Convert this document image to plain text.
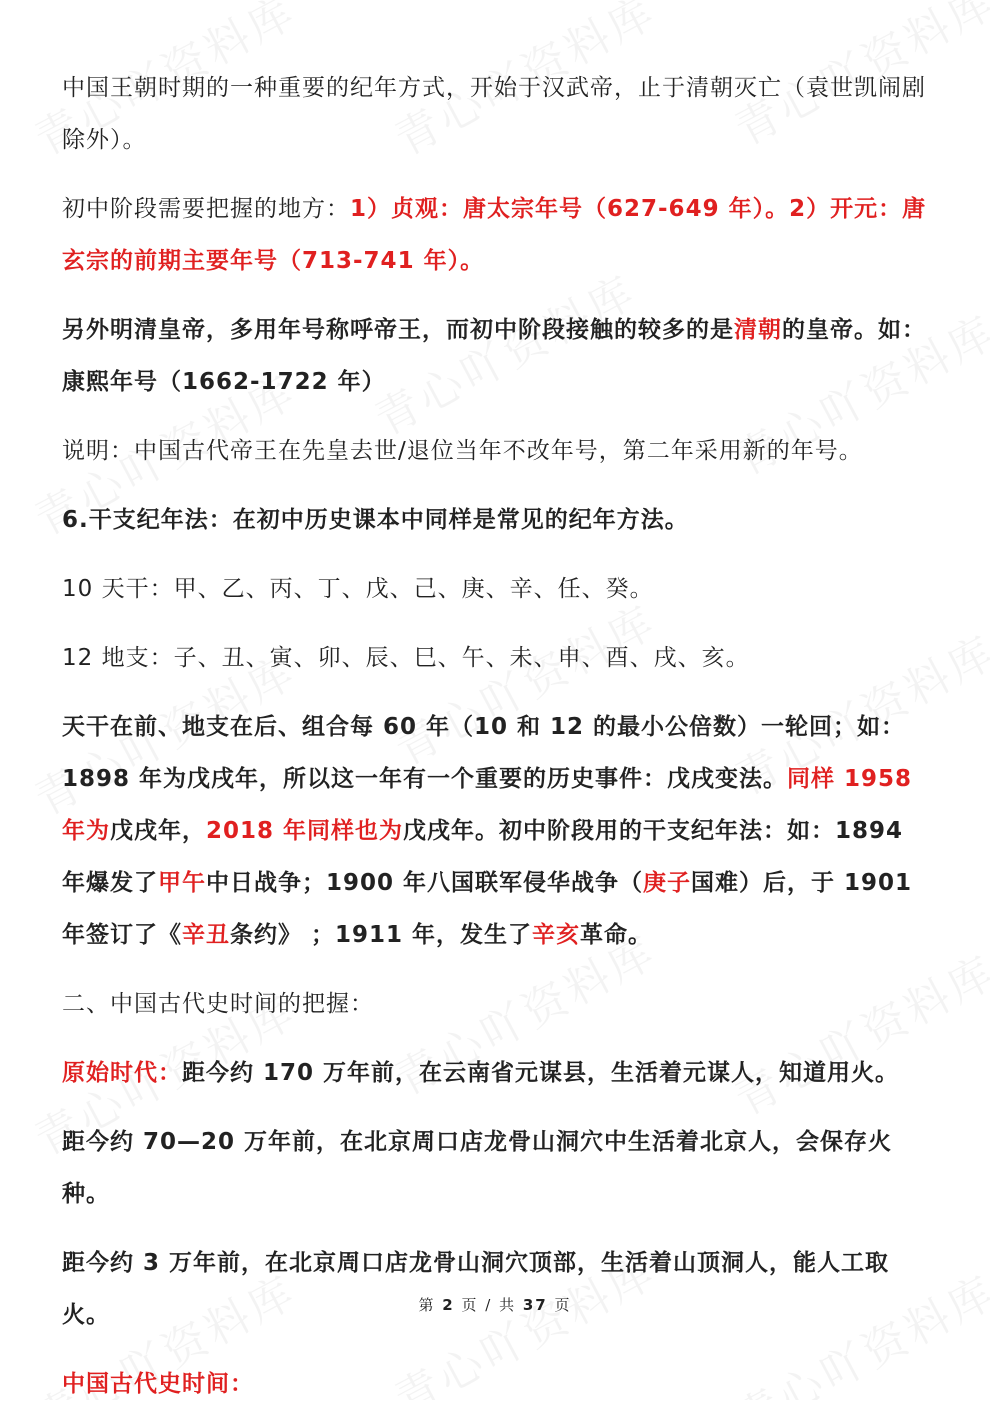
中国王朝时期的一种重要的纪年方式，开始于汉武帝，止于清朝灭亡（袁世凯闹剧除外）。

初中阶段需要把握的地方：1）贞观：唐太宗年号（627-649 年）。2）开元：唐玄宗的前期主要年号（713-741 年）。

另外明清皇帝，多用年号称呼帝王，而初中阶段接触的较多的是清朝的皇帝。如：康熙年号（1662-1722 年）

说明：中国古代帝王在先皇去世/退位当年不改年号，第二年采用新的年号。

6.干支纪年法：在初中历史课本中同样是常见的纪年方法。

10 天干：甲、乙、丙、丁、戊、己、庚、辛、任、癸。

12 地支：子、丑、寅、卯、辰、巳、午、未、申、酉、戌、亥。

天干在前、地支在后、组合每 60 年（10 和 12 的最小公倍数）一轮回；如：1898 年为戊戌年，所以这一年有一个重要的历史事件：戊戌变法。同样 1958 年为戊戌年，2018 年同样也为戊戌年。初中阶段用的干支纪年法：如：1894 年爆发了甲午中日战争；1900 年八国联军侵华战争（庚子国难）后，于 1901 年签订了《辛丑条约》 ；1911 年，发生了辛亥革命。

二、中国古代史时间的把握：

原始时代：距今约 170 万年前，在云南省元谋县，生活着元谋人，知道用火。

距今约 70—20 万年前，在北京周口店龙骨山洞穴中生活着北京人，会保存火种。

距今约 3 万年前，在北京周口店龙骨山洞穴顶部，生活着山顶洞人，能人工取火。

中国古代史时间：

第 2 页 / 共 37 页
